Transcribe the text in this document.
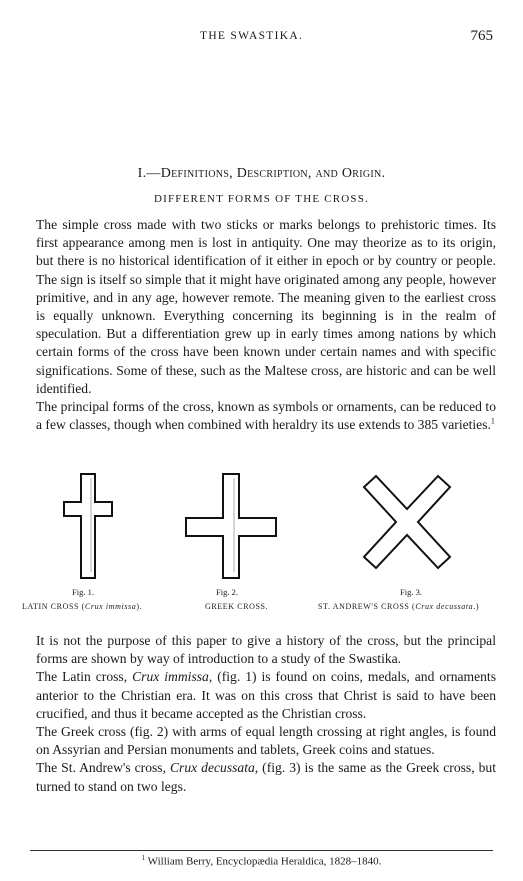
THE SWASTIKA.	765
I.—Definitions, Description, and Origin.
DIFFERENT FORMS OF THE CROSS.

The simple cross made with two sticks or marks belongs to prehistoric times. Its first appearance among men is lost in antiquity. One may theorize as to its origin, but there is no historical identification of it either in epoch or by country or people. The sign is itself so simple that it might have originated among any people, however primitive, and in any age, however remote. The meaning given to the earliest cross is equally unknown. Everything concerning its beginning is in the realm of speculation. But a differentiation grew up in early times among nations by which certain forms of the cross have been known under certain names and with specific significations. Some of these, such as the Maltese cross, are historic and can be well identified.

The principal forms of the cross, known as symbols or ornaments, can be reduced to a few classes, though when combined with heraldry its use extends to 385 varieties.$^1$

Fig. 1.	Fig. 2.	Fig. 3.
LATIN CROSS (Crux immissa).	GREEK CROSS.	ST. ANDREW'S CROSS (Crux decussata.)

It is not the purpose of this paper to give a history of the cross, but the principal forms are shown by way of introduction to a study of the Swastika.

The Latin cross, Crux immissa, (fig. 1) is found on coins, medals, and ornaments anterior to the Christian era. It was on this cross that Christ is said to have been crucified, and thus it became accepted as the Christian cross.

The Greek cross (fig. 2) with arms of equal length crossing at right angles, is found on Assyrian and Persian monuments and tablets, Greek coins and statues.

The St. Andrew's cross, Crux decussata, (fig. 3) is the same as the Greek cross, but turned to stand on two legs.

$^1$ William Berry, Encyclopædia Heraldica, 1828–1840.
